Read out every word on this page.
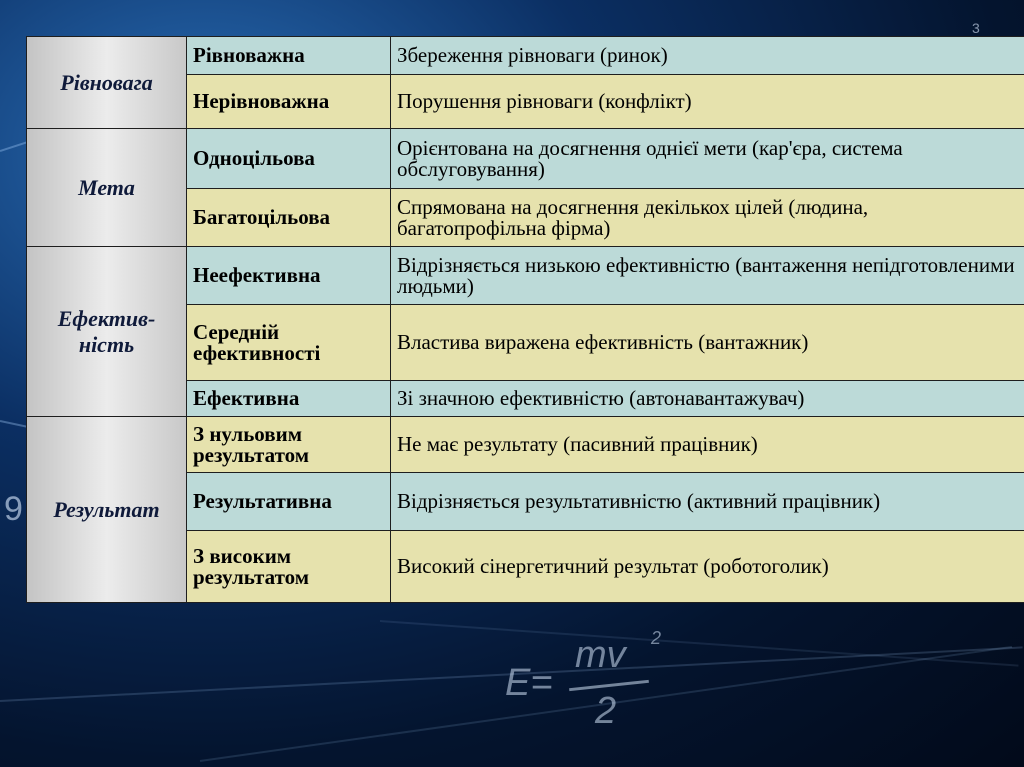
9
3
E=
mv 2
2
Рівновага	Рівноважна	Збереження рівноваги (ринок)
	Нерівноважна	Порушення рівноваги (конфлікт)
Мета	Одноцільова	Орієнтована на досягнення однієї мети (кар'єра, система обслуговування)
	Багатоцільова	Спрямована на досягнення декількох цілей (людина, багатопрофільна фірма)
Ефектив-ність	Неефективна	Відрізняється низькою ефективністю (вантаження непідготовленими людьми)
	Середній ефективності	Властива виражена ефективність (вантажник)
	Ефективна	Зі значною ефективністю (автонавантажувач)
Результат	З нульовим результатом	Не має результату (пасивний працівник)
	Результативна	Відрізняється результативністю (активний працівник)
	З високим результатом	Високий сінергетичний результат (роботоголик)
